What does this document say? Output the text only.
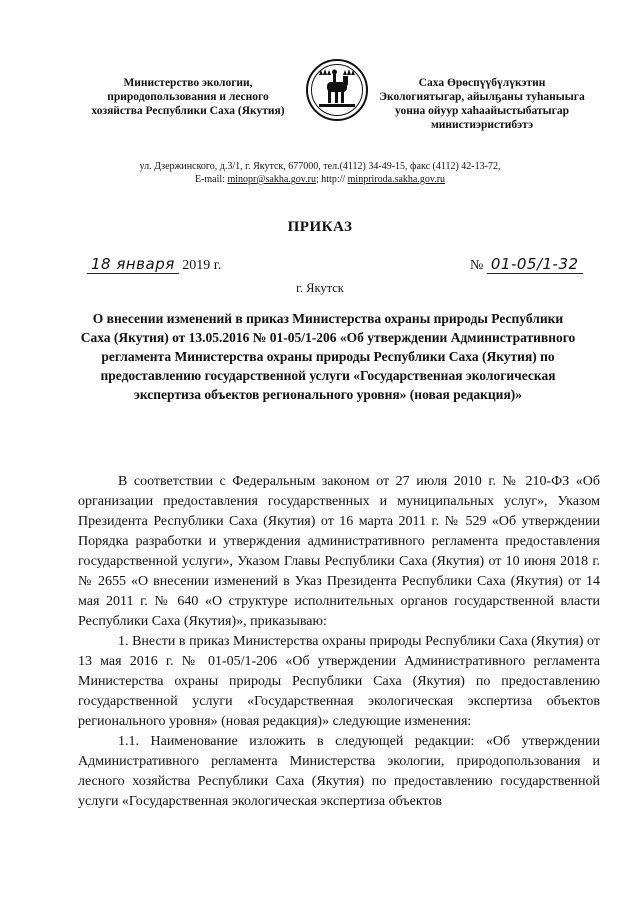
Министерство экологии,
природопользования и лесного
хозяйства Республики Саха (Якутия)
Саха Өрөспүүбүлүкэтин
Экологиятыгар, айылҕаны туһаныыга
уонна ойуур хаһаайыстыбатыгар
министиэристибэтэ
ул. Дзержинского, д.3/1, г. Якутск, 677000, тел.(4112) 34-49-15, факс (4112) 42-13-72,
E-mail: minopr@sakha.gov.ru; http:// minpriroda.sakha.gov.ru
ПРИКАЗ
18 января 2019 г.	№ 01-05/1-32
г. Якутск
О внесении изменений в приказ Министерства охраны природы Республики Саха (Якутия) от 13.05.2016 № 01-05/1-206 «Об утверждении Административного регламента Министерства охраны природы Республики Саха (Якутия) по предоставлению государственной услуги «Государственная экологическая экспертиза объектов регионального уровня» (новая редакция)»

В соответствии с Федеральным законом от 27 июля 2010 г. № 210-ФЗ «Об организации предоставления государственных и муниципальных услуг», Указом Президента Республики Саха (Якутия) от 16 марта 2011 г. № 529 «Об утверждении Порядка разработки и утверждения административного регламента предоставления государственной услуги», Указом Главы Республики Саха (Якутия) от 10 июня 2018 г. № 2655 «О внесении изменений в Указ Президента Республики Саха (Якутия) от 14 мая 2011 г. № 640 «О структуре исполнительных органов государственной власти Республики Саха (Якутия)», приказываю:

1. Внести в приказ Министерства охраны природы Республики Саха (Якутия) от 13 мая 2016 г. № 01-05/1-206 «Об утверждении Административного регламента Министерства охраны природы Республики Саха (Якутия) по предоставлению государственной услуги «Государственная экологическая экспертиза объектов регионального уровня» (новая редакция)» следующие изменения:

1.1. Наименование изложить в следующей редакции: «Об утверждении Административного регламента Министерства экологии, природопользования и лесного хозяйства Республики Саха (Якутия) по предоставлению государственной услуги «Государственная экологическая экспертиза объектов
